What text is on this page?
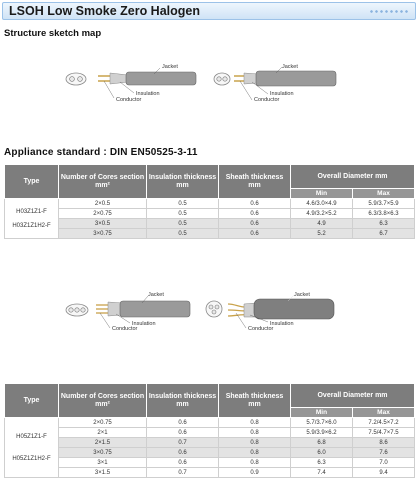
LSOH Low Smoke Zero Halogen
Structure sketch map
Jacket
Insulation
Conductor
Jacket
Insulation
Conductor
Appliance standard : DIN EN50525-3-11
Type	Number of Cores section mm²	Insulation thickness mm	Sheath thickness mm	Overall Diameter mm	
				Min	Max

H03Z1Z1-F
H03Z1Z1H2-F	2×0.5	0.5	0.6	4.6/3.0×4.9	5.9/3.7×5.9
	2×0.75	0.5	0.6	4.9/3.2×5.2	6.3/3.8×6.3
	3×0.5	0.5	0.6	4.9	6.3
	3×0.75	0.5	0.6	5.2	6.7
Jacket
Insulation
Conductor
Jacket
Insulation
Conductor
Type	Number of Cores section mm²	Insulation thickness mm	Sheath thickness mm	Overall Diameter mm	
				Min	Max

H05Z1Z1-F
H05Z1Z1H2-F	2×0.75	0.6	0.8	5.7/3.7×6.0	7.2/4.5×7.2
	2×1	0.6	0.8	5.9/3.9×6.2	7.5/4.7×7.5
	2×1.5	0.7	0.8	6.8	8.6
	3×0.75	0.6	0.8	6.0	7.6
	3×1	0.6	0.8	6.3	7.0
	3×1.5	0.7	0.9	7.4	9.4
